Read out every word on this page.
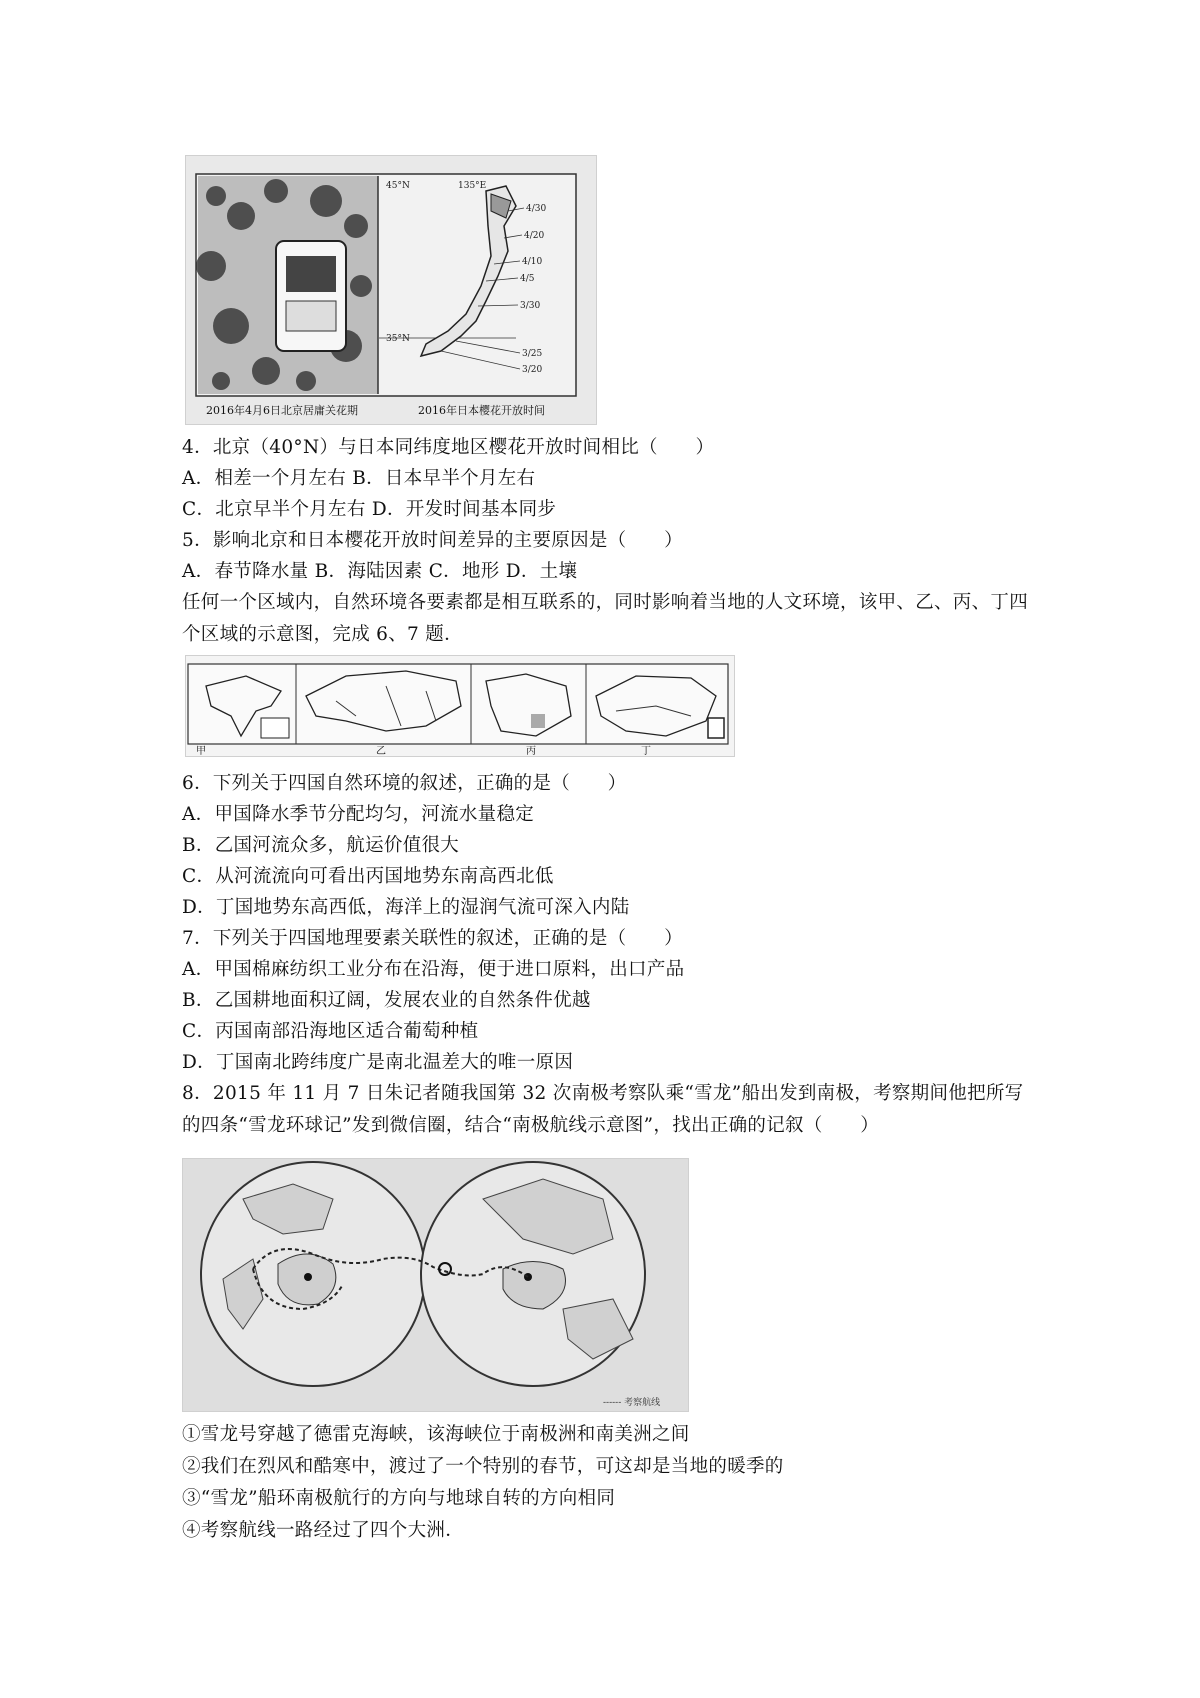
45°N	135°E
35°N
4/30
4/20
4/10
4/5
3/30
3/25
3/20
2016年4月6日北京居庸关花期	2016年日本樱花开放时间
4．北京（40°N）与日本同纬度地区樱花开放时间相比（　　）
A．相差一个月左右 B．日本早半个月左右
C．北京早半个月左右 D．开发时间基本同步
5．影响北京和日本樱花开放时间差异的主要原因是（　　）
A．春节降水量 B．海陆因素 C．地形 D．土壤
任何一个区域内，自然环境各要素都是相互联系的，同时影响着当地的人文环境，该甲、乙、丙、丁四个区域的示意图，完成 6、7 题．
甲	乙	丙	丁
6．下列关于四国自然环境的叙述，正确的是（　　）
A．甲国降水季节分配均匀，河流水量稳定
B．乙国河流众多，航运价值很大
C．从河流流向可看出丙国地势东南高西北低
D．丁国地势东高西低，海洋上的湿润气流可深入内陆
7．下列关于四国地理要素关联性的叙述，正确的是（　　）
A．甲国棉麻纺织工业分布在沿海，便于进口原料，出口产品
B．乙国耕地面积辽阔，发展农业的自然条件优越
C．丙国南部沿海地区适合葡萄种植
D．丁国南北跨纬度广是南北温差大的唯一原因
8．2015 年 11 月 7 日朱记者随我国第 32 次南极考察队乘“雪龙”船出发到南极，考察期间他把所写的四条“雪龙环球记”发到微信圈，结合“南极航线示意图”，找出正确的记叙（　　）
------ 考察航线
①雪龙号穿越了德雷克海峡，该海峡位于南极洲和南美洲之间
②我们在烈风和酷寒中，渡过了一个特别的春节，可这却是当地的暖季的
③“雪龙”船环南极航行的方向与地球自转的方向相同
④考察航线一路经过了四个大洲．
